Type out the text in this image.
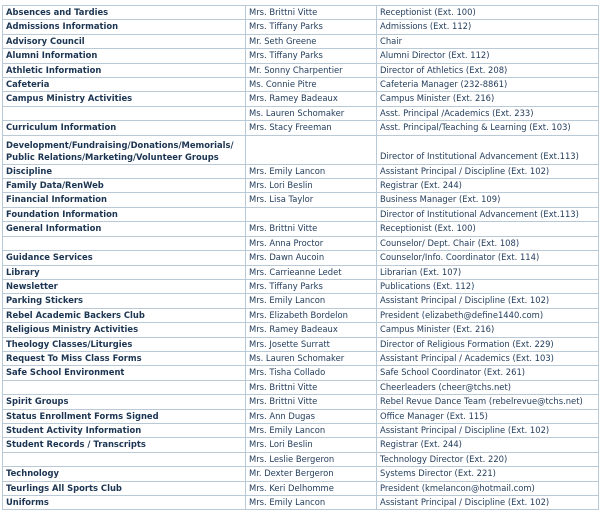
Absences and Tardies	Mrs. Brittni Vitte	Receptionist (Ext. 100)
Admissions Information	Mrs. Tiffany Parks	Admissions (Ext. 112)
Advisory Council	Mr. Seth Greene	Chair
Alumni Information	Mrs. Tiffany Parks	Alumni Director (Ext. 112)
Athletic Information	Mr. Sonny Charpentier	Director of Athletics (Ext. 208)
Cafeteria	Ms. Connie Pitre	Cafeteria Manager (232-8861)
Campus Ministry Activities	Mrs. Ramey Badeaux	Campus Minister (Ext. 216)
	Ms. Lauren Schomaker	Asst. Principal /Academics (Ext. 233)
Curriculum Information	Mrs. Stacy Freeman	Asst. Principal/Teaching & Learning (Ext. 103)
Development/Fundraising/Donations/Memorials/
Public Relations/Marketing/Volunteer Groups		Director of Institutional Advancement (Ext.113)
Discipline	Mrs. Emily Lancon	Assistant Principal / Discipline (Ext. 102)
Family Data/RenWeb	Mrs. Lori Beslin	Registrar (Ext. 244)
Financial Information	Mrs. Lisa Taylor	Business Manager (Ext. 109)
Foundation Information		Director of Institutional Advancement (Ext.113)
General Information	Mrs. Brittni Vitte	Receptionist (Ext. 100)
	Mrs. Anna Proctor	Counselor/ Dept. Chair (Ext. 108)
Guidance Services	Mrs. Dawn Aucoin	Counselor/Info. Coordinator (Ext. 114)
Library	Mrs. Carrieanne Ledet	Librarian (Ext. 107)
Newsletter	Mrs. Tiffany Parks	Publications (Ext. 112)
Parking Stickers	Mrs. Emily Lancon	Assistant Principal / Discipline (Ext. 102)
Rebel Academic Backers Club	Mrs. Elizabeth Bordelon	President (elizabeth@define1440.com)
Religious Ministry Activities	Mrs. Ramey Badeaux	Campus Minister (Ext. 216)
Theology Classes/Liturgies	Mrs. Josette Surratt	Director of Religious Formation (Ext. 229)
Request To Miss Class Forms	Ms. Lauren Schomaker	Assistant Principal / Academics (Ext. 103)
Safe School Environment	Mrs. Tisha Collado	Safe School Coordinator (Ext. 261)
	Mrs. Brittni Vitte	Cheerleaders (cheer@tchs.net)
Spirit Groups	Mrs. Brittni Vitte	Rebel Revue Dance Team (rebelrevue@tchs.net)
Status Enrollment Forms Signed	Mrs. Ann Dugas	Office Manager (Ext. 115)
Student Activity Information	Mrs. Emily Lancon	Assistant Principal / Discipline (Ext. 102)
Student Records / Transcripts	Mrs. Lori Beslin	Registrar (Ext. 244)
	Mrs. Leslie Bergeron	Technology Director (Ext. 220)
Technology	Mr. Dexter Bergeron	Systems Director (Ext. 221)
Teurlings All Sports Club	Mrs. Keri Delhomme	President (kmelancon@hotmail.com)
Uniforms	Mrs. Emily Lancon	Assistant Principal / Discipline (Ext. 102)
